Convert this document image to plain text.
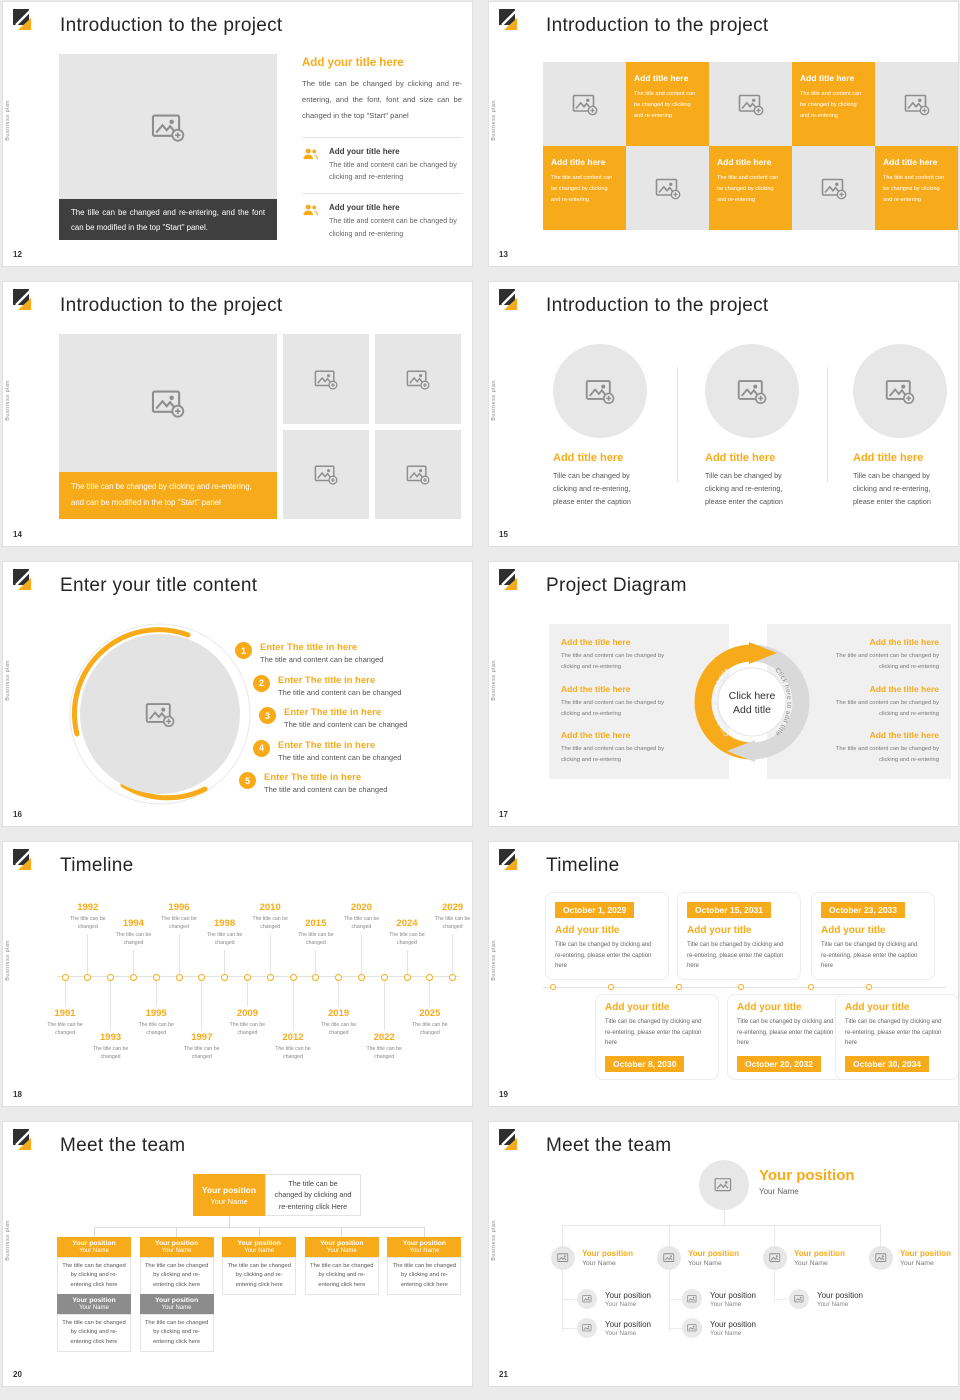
Business plan
Introduction to the project
The tille can be changed and re-entering, and the font can be modified in the top "Start" panel.
Add your title here
The title can be changed by clicking and re-entering, and the font, font and size can be changed in the top "Start" panel
Add your title here
The title and content can be changed by clicking and re-entering
Add your title here
The title and content can be changed by clicking and re-entering
12
Business plan
Introduction to the project
Add title here
The title and content can be changed by clicking and re-entering
Add title here
The title and content can be changed by clicking and re-entering
Add title here
The title and content can be changed by clicking and re-entering
Add title here
The title and content can be changed by clicking and re-entering
Add title here
The title and content can be changed by clicking and re-entering
13
Business plan
Introduction to the project
The title can be changed by clicking and re-entering, and can be modified in the top "Start" panel
14
Business plan
Introduction to the project
Add title here
Tille can be changed by clicking and re-entering, please enter the caption
Add title here
Tille can be changed by clicking and re-entering, please enter the caption
Add title here
Tille can be changed by clicking and re-entering, please enter the caption
15
Business plan
Enter your title content
1	Enter The title in here
The title and content can be changed
2	Enter The title in here
The title and content can be changed
3	Enter The title in here
The title and content can be changed
4	Enter The title in here
The title and content can be changed
5	Enter The title in here
The title and content can be changed
16
Business plan
Project Diagram
Add the title here
The title and content can be changed by clicking and re-entering
Add the title here
The title and content can be changed by clicking and re-entering
Add the title here
The title and content can be changed by clicking and re-entering
Add the title here
The title and content can be changed by clicking and re-entering
Add the title here
The title and content can be changed by clicking and re-entering
Add the title here
The title and content can be changed by clicking and re-entering
Click here to add title	Click here to add title
Click here
Add title
17
Business plan
Timeline
1991
The title can be changed
1992
The title can be changed
1993
The title can be changed
1994
The title can be changed
1995
The title can be changed
1996
The title can be changed
1997
The title can be changed
1998
The title can be changed
2009
The title can be changed
2010
The title can be changed
2012
The title can be changed
2015
The title can be changed
2019
The title can be changed
2020
The title can be changed
2022
The title can be changed
2024
The title can be changed
2025
The title can be changed
2029
The title can be changed
18
Business plan
Timeline
October 1, 2029
Add your title
Title can be changed by clicking and re-entering, please enter the caption here
October 15, 2031
Add your title
Title can be changed by clicking and re-entering, please enter the caption here
October 23, 2033
Add your title
Title can be changed by clicking and re-entering, please enter the caption here
Add your title
Title can be changed by clicking and re-entering, please enter the caption here
October 8, 2030
Add your title
Title can be changed by clicking and re-entering, please enter the caption here
October 20, 2032
Add your title
Title can be changed by clicking and re-entering, please enter the caption here
October 30, 2034
19
Business plan
Meet the team
Your position
Your Name
The title can be changed by clicking and re-entering click Here
Your position
Your Name
The title can be changed by clicking and re-entering click here
Your position
Your Name
The title can be changed by clicking and re-entering click here
Your position
Your Name
The title can be changed by clicking and re-entering click here
Your position
Your Name
The title can be changed by clicking and re-entering click here
Your position
Your Name
The title can be changed by clicking and re-entering click here
Your position
Your Name
The title can be changed by clicking and re-entering click here
Your position
Your Name
The title can be changed by clicking and re-entering click here
20
Business plan
Meet the team
Your position
Your Name
Your position
Your Name
Your position
Your Name
Your position
Your Name
Your position
Your Name
Your position
Your Name
Your position
Your Name
Your position
Your Name
Your position
Your Name
Your position
Your Name
21
